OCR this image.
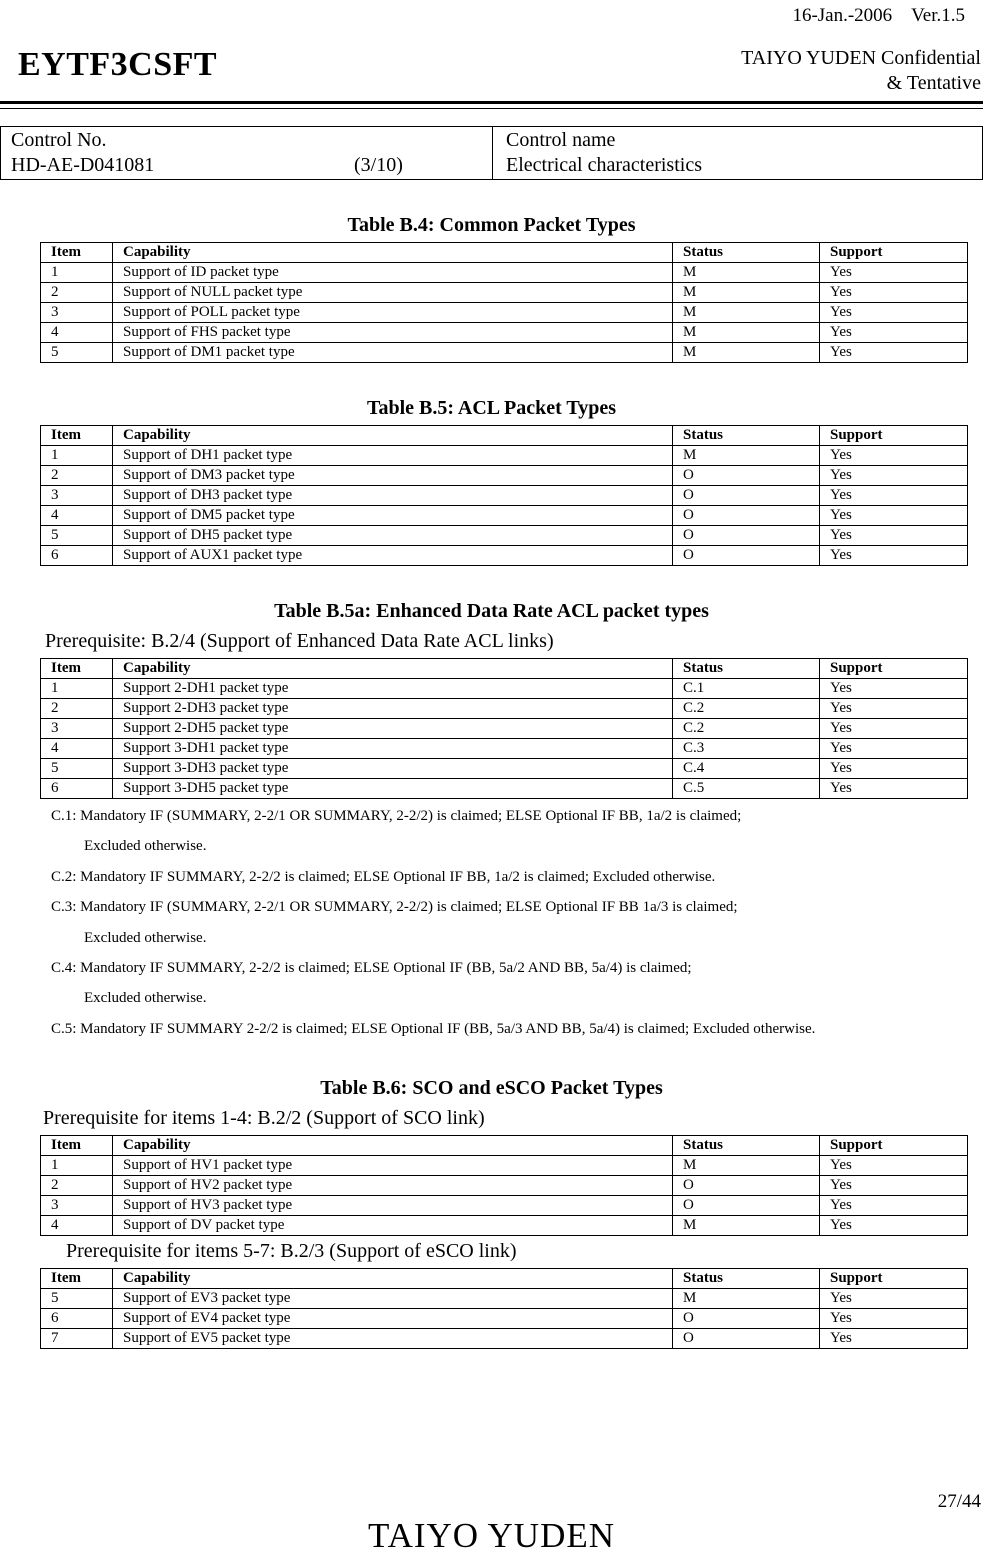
16-Jan.-2006　Ver.1.5
EYTF3CSFT	TAIYO YUDEN Confidential
& Tentative
Control No.
HD-AE-D041081	(3/10)
Control name
Electrical characteristics
Table B.4: Common Packet Types
Item	Capability	Status	Support
1	Support of ID packet type	M	Yes
2	Support of NULL packet type	M	Yes
3	Support of POLL packet type	M	Yes
4	Support of FHS packet type	M	Yes
5	Support of DM1 packet type	M	Yes
Table B.5: ACL Packet Types
Item	Capability	Status	Support
1	Support of DH1 packet type	M	Yes
2	Support of DM3 packet type	O	Yes
3	Support of DH3 packet type	O	Yes
4	Support of DM5 packet type	O	Yes
5	Support of DH5 packet type	O	Yes
6	Support of AUX1 packet type	O	Yes
Table B.5a: Enhanced Data Rate ACL packet types
Prerequisite: B.2/4 (Support of Enhanced Data Rate ACL links)
Item	Capability	Status	Support
1	Support 2-DH1 packet type	C.1	Yes
2	Support 2-DH3 packet type	C.2	Yes
3	Support 2-DH5 packet type	C.2	Yes
4	Support 3-DH1 packet type	C.3	Yes
5	Support 3-DH3 packet type	C.4	Yes
6	Support 3-DH5 packet type	C.5	Yes
C.1: Mandatory IF (SUMMARY, 2-2/1 OR SUMMARY, 2-2/2) is claimed; ELSE Optional IF BB, 1a/2 is claimed;
Excluded otherwise.
C.2: Mandatory IF SUMMARY, 2-2/2 is claimed; ELSE Optional IF BB, 1a/2 is claimed; Excluded otherwise.
C.3: Mandatory IF (SUMMARY, 2-2/1 OR SUMMARY, 2-2/2) is claimed; ELSE Optional IF BB 1a/3 is claimed;
Excluded otherwise.
C.4: Mandatory IF SUMMARY, 2-2/2 is claimed; ELSE Optional IF (BB, 5a/2 AND BB, 5a/4) is claimed;
Excluded otherwise.
C.5: Mandatory IF SUMMARY 2-2/2 is claimed; ELSE Optional IF (BB, 5a/3 AND BB, 5a/4) is claimed; Excluded otherwise.
Table B.6: SCO and eSCO Packet Types
Prerequisite for items 1-4: B.2/2 (Support of SCO link)
Item	Capability	Status	Support
1	Support of HV1 packet type	M	Yes
2	Support of HV2 packet type	O	Yes
3	Support of HV3 packet type	O	Yes
4	Support of DV packet type	M	Yes
Prerequisite for items 5-7: B.2/3 (Support of eSCO link)
Item	Capability	Status	Support
5	Support of EV3 packet type	M	Yes
6	Support of EV4 packet type	O	Yes
7	Support of EV5 packet type	O	Yes
27/44
TAIYO YUDEN
